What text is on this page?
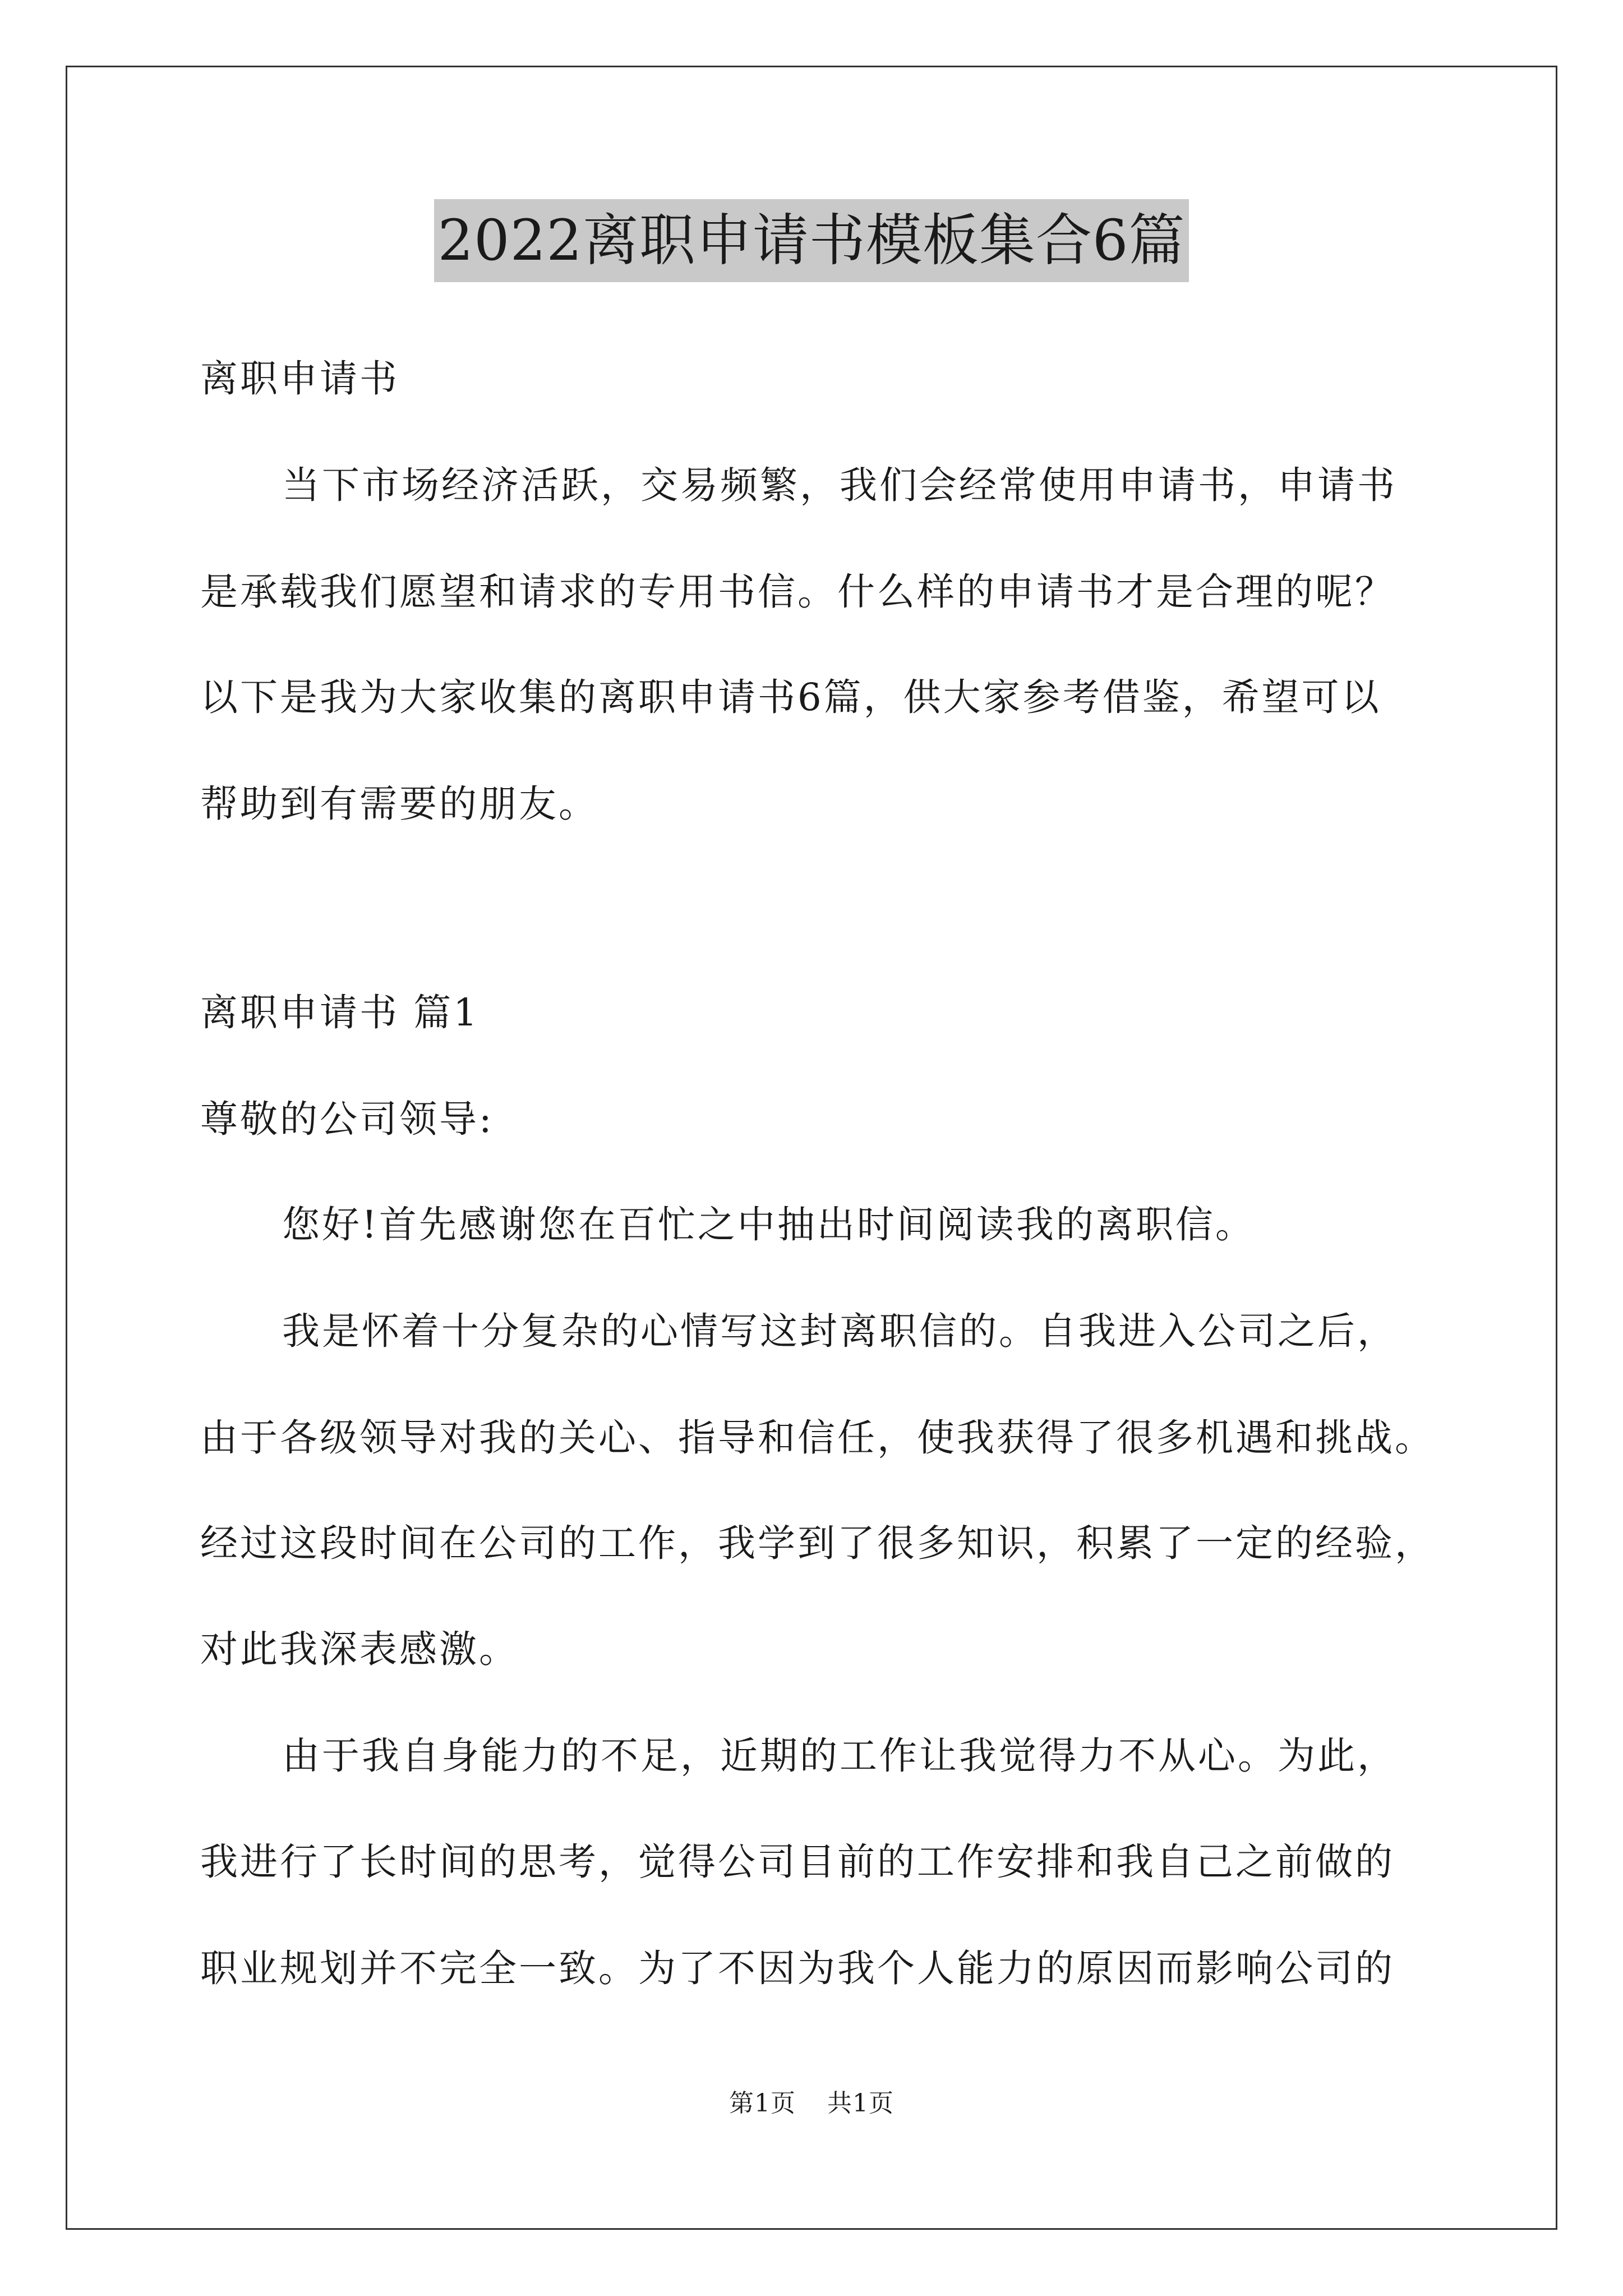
2022离职申请书模板集合6篇
离职申请书
当下市场经济活跃，交易频繁，我们会经常使用申请书，申请书
是承载我们愿望和请求的专用书信。什么样的申请书才是合理的呢？
以下是我为大家收集的离职申请书6篇，供大家参考借鉴，希望可以
帮助到有需要的朋友。
离职申请书 篇1
尊敬的公司领导:
您好!首先感谢您在百忙之中抽出时间阅读我的离职信。
我是怀着十分复杂的心情写这封离职信的。自我进入公司之后，
由于各级领导对我的关心、指导和信任，使我获得了很多机遇和挑战。
经过这段时间在公司的工作，我学到了很多知识，积累了一定的经验，
对此我深表感激。
由于我自身能力的不足，近期的工作让我觉得力不从心。为此，
我进行了长时间的思考，觉得公司目前的工作安排和我自己之前做的
职业规划并不完全一致。为了不因为我个人能力的原因而影响公司的
第1页 共1页
